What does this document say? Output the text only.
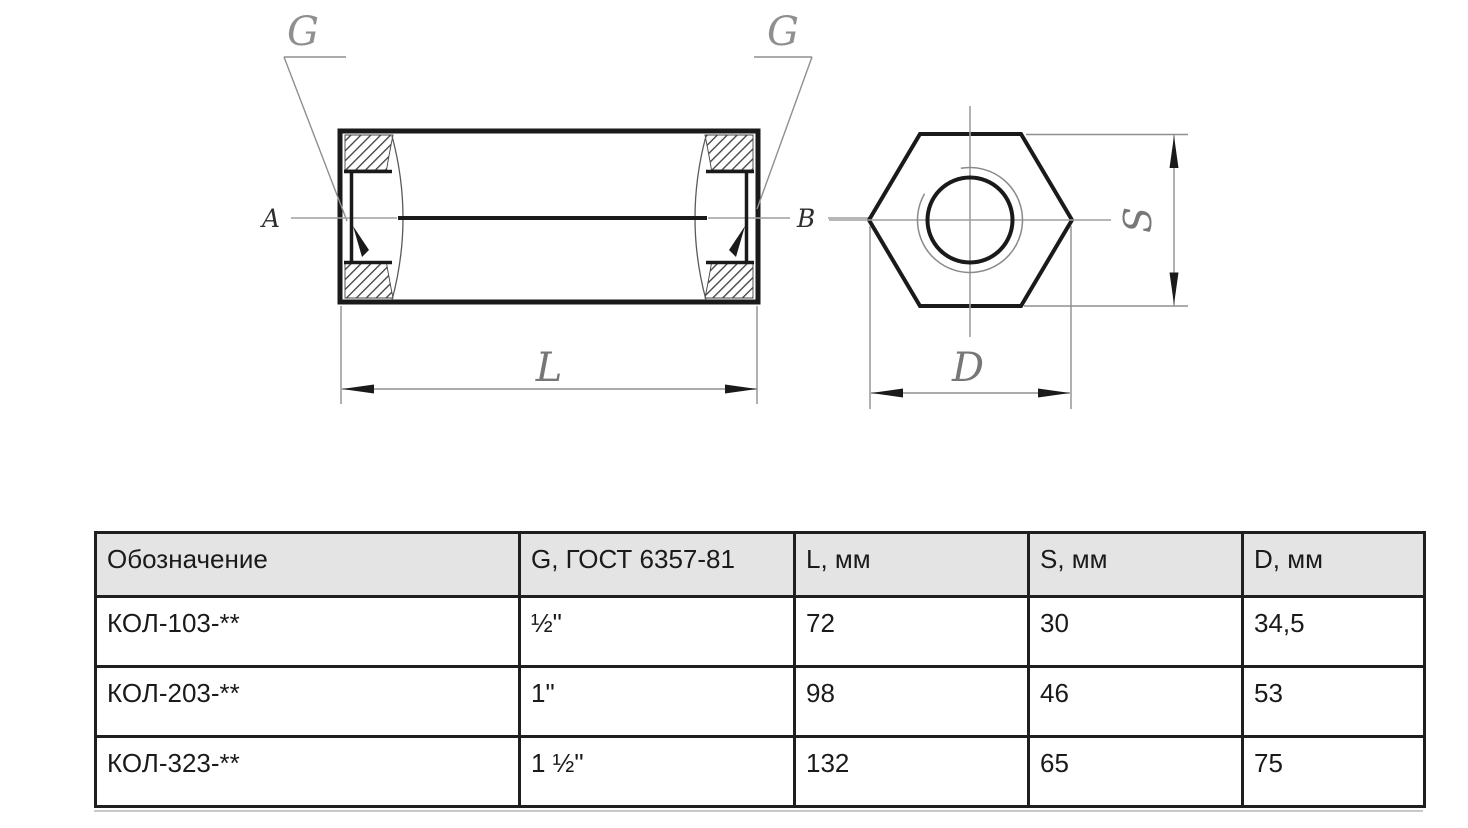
G	G
A	B
L
S
D
Обозначение	G, ГОСТ 6357-81	L, мм	S, мм	D, мм
КОЛ-103-**	½"	72	30	34,5
КОЛ-203-**	1"	98	46	53
КОЛ-323-**	1 ½"	132	65	75
